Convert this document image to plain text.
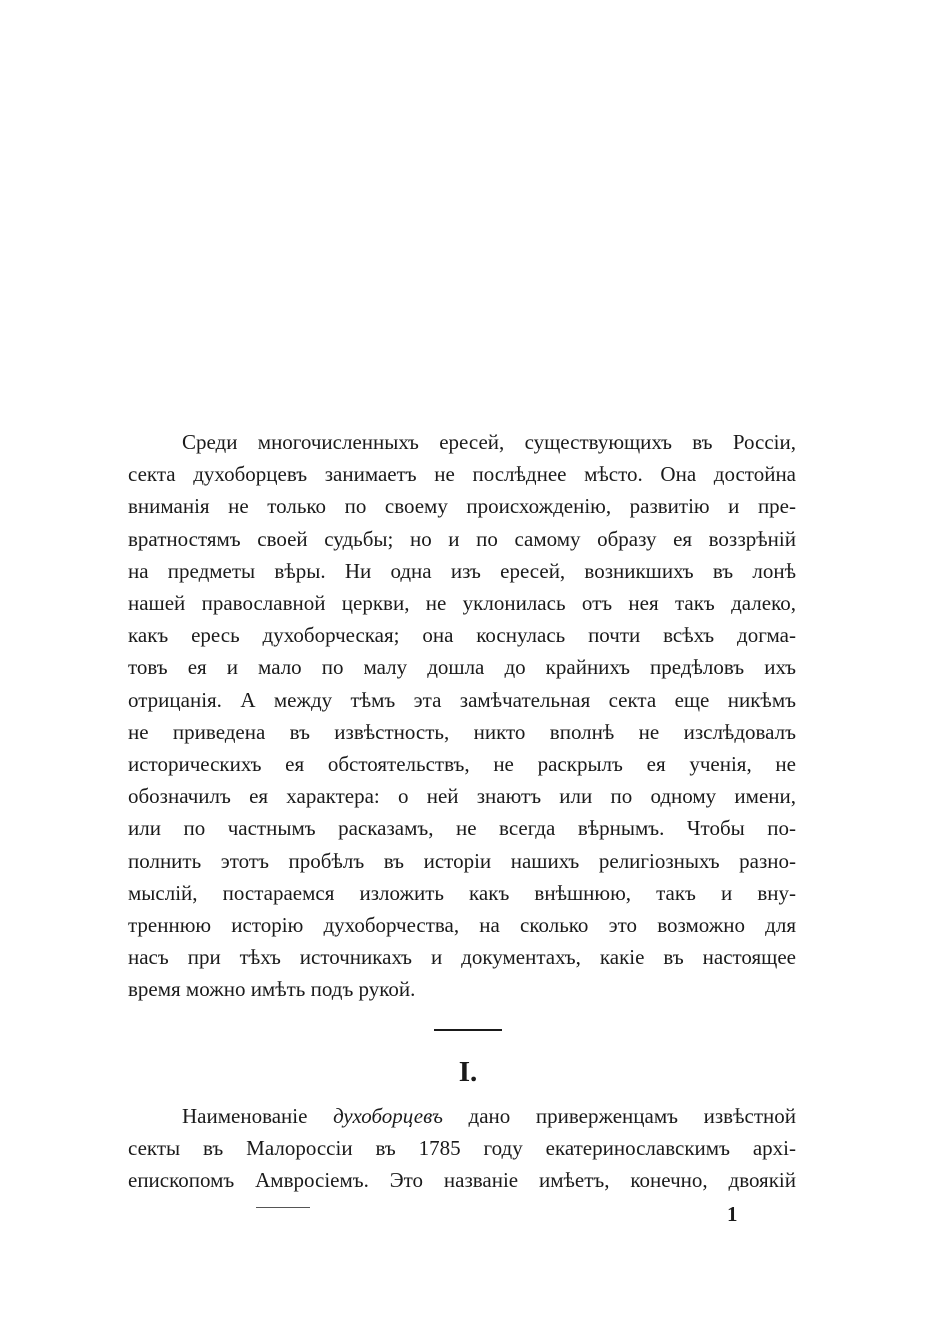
Среди многочисленныхъ ересей, существующихъ въ Россіи,
секта духоборцевъ занимаетъ не послѣднее мѣсто. Она достойна
вниманія не только по своему происхожденію, развитію и пре-
вратностямъ своей судьбы; но и по самому образу ея воззрѣній
на предметы вѣры. Ни одна изъ ересей, возникшихъ въ лонѣ
нашей православной церкви, не уклонилась отъ нея такъ далеко,
какъ ересь духоборческая; она коснулась почти всѣхъ догма-
товъ ея и мало по малу дошла до крайнихъ предѣловъ ихъ
отрицанія. А между тѣмъ эта замѣчательная секта еще никѣмъ
не приведена въ извѣстность, никто вполнѣ не изслѣдовалъ
историческихъ ея обстоятельствъ, не раскрылъ ея ученія, не
обозначилъ ея характера: о ней знаютъ или по одному имени,
или по частнымъ расказамъ, не всегда вѣрнымъ. Чтобы по-
полнить этотъ пробѣлъ въ исторіи нашихъ религіозныхъ разно-
мыслій, постараемся изложить какъ внѣшнюю, такъ и вну-
треннюю исторію духоборчества, на сколько это возможно для
насъ при тѣхъ источникахъ и документахъ, какіе въ настоящее
время можно имѣть подъ рукой.
I.
Наименованіе духоборцевъ дано приверженцамъ извѣстной
секты въ Малороссіи въ 1785 году екатеринославскимъ архі-
епископомъ Амвросіемъ. Это названіе имѣетъ, конечно, двоякій
1
